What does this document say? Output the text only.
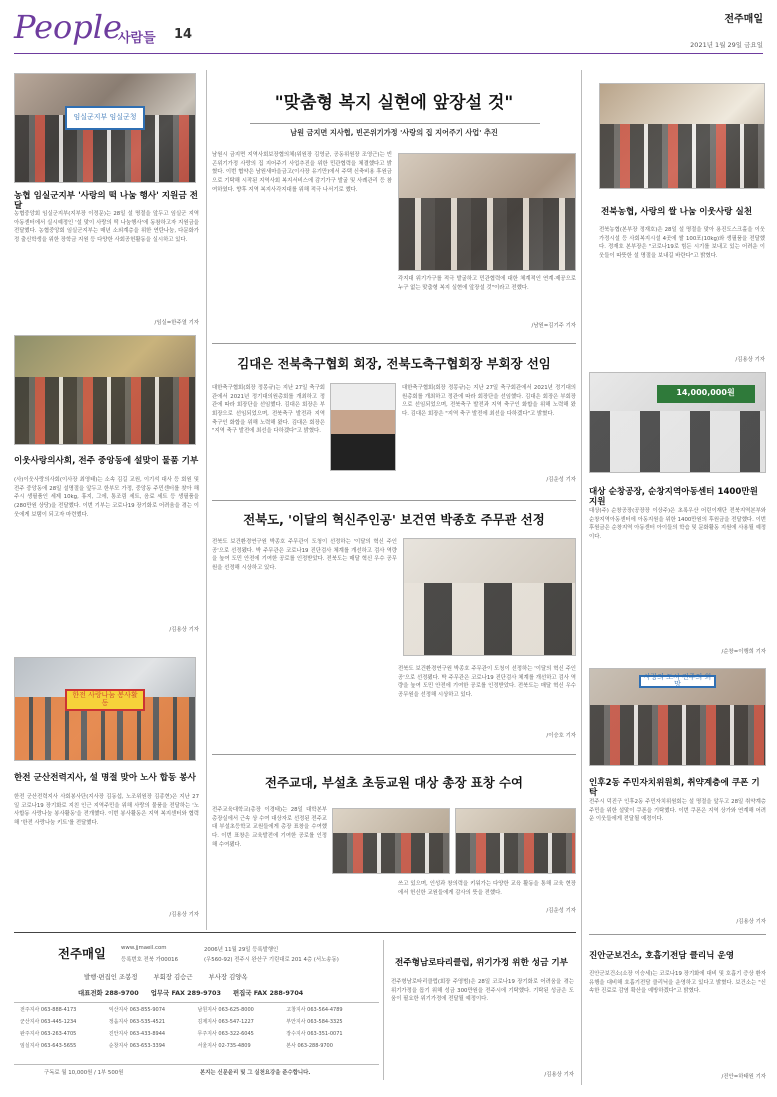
People
사람들 14
전주매일
2021년 1월 29일 금요일
임실군지부 임실군청
농협 임실군지부 '사랑의 떡 나눔 행사' 지원금 전달
농협중앙회 임실군지부(지부장 이정문)는 28일 설 명절을 앞두고 임실군 지역아동센터에서 실시예정인 '설 맞이 사랑의 떡 나눔행사'에 동참하고자 지원금을 전달했다. 농협중앙회 임실군지부는 매년 소외계층을 위한 연탄나눔, 다문화가정 출신학생을 위한 장학금 지원 등 다양한 사회공헌활동을 실시하고 있다.
/임실=한주열 기자
이웃사랑의사회, 전주 중앙동에 설맞이 물품 기부
(사)이웃사랑의사회(이사장 최영태)는 소속 김길 교원, 이기석 대사 등 회원 및 전주 중앙동에 28일 설명절을 앞두고 한부모 가정, 중앙동 주민센터를 찾아 해주시 생필품인 세제 10kg, 휴지, 그에, 통조림 세트, 음료 세트 등 생필품을 (280만원 상당)을 전달했다. 이번 기부는 코로나19 장기화로 어려움을 겪는 이웃에게 보탬이 되고자 마련했다.
/김용상 기자
한전 사랑나눔 봉사활동
한전 군산전력지사, 설 명절 맞아 노사 합동 봉사
한전 군산전력지사 사회봉사단(지사장 김동섭, 노조위원장 김종현)은 지난 27일 코로나19 장기화로 지친 인근 지역주민을 위해 사랑의 물품을 전달하는 '노사합동 사랑나눔 봉사활동'을 전개했다. 이번 봉사활동은 지역 복지센터와 협력해 '한전 사랑나눔 키트'를 전달했다.
/김용상 기자
"맞춤형 복지 실현에 앞장설 것"
남원 금지면 지사협, 빈곤위기가정 '사랑의 집 지어주기 사업' 추진
남원시 금지면 지역사회보장협의체(위원장 김영균, 공동위원장 조영근)는 빈곤위기가정 사랑의 집 지어주기 사업추진을 위한 민관협력을 체결했다고 밝혔다. 이번 협약은 남원새마을금고(이사장 유기만)에서 주택 신축비용 후원금으로 기탁해 시작된 지역사회 복지서비스에 감기가구 발굴 및 사례관리 등 참여하였다. 향후 지역 복지사각지대를 위해 적극 나서기로 했다.
각지대 위기가구를 적극 발굴하고 민관협력에 대한 체계적인 연계·제공으로 누구 없는 맞춤형 복지 실현에 앞장설 것"이라고 전했다.
/남원=김기주 기자
김대은 전북축구협회 회장, 전북도축구협회장 부회장 선임
대한축구협회(회장 정몽규)는 지난 27일 축구회관에서 2021년 정기대의원총회를 개최하고 정관에 따라 회장단을 선임했다. 김대은 회장은 부회장으로 선임되었으며, 전북축구 발전과 지역 축구인 화합을 위해 노력해 왔다. 김대은 회장은 "지역 축구 발전에 최선을 다하겠다"고 밝혔다.
대한축구협회(회장 정몽규)는 지난 27일 축구회관에서 2021년 정기대의원총회를 개최하고 정관에 따라 회장단을 선임했다. 김대은 회장은 부회장으로 선임되었으며, 전북축구 발전과 지역 축구인 화합을 위해 노력해 왔다. 김대은 회장은 "지역 축구 발전에 최선을 다하겠다"고 밝혔다.
/김운성 기자
전북도, '이달의 혁신주인공' 보건연 박종호 주무관 선정
전북도 보건환경연구원 박종호 주무관이 도청이 선정하는 '이달의 혁신 주인공'으로 선정됐다. 박 주무관은 코로나19 진단검사 체계를 개선하고 검사 역량을 높여 도민 안전에 기여한 공로를 인정받았다. 전북도는 매달 혁신 우수 공무원을 선정해 시상하고 있다.
전북도 보건환경연구원 박종호 주무관이 도청이 선정하는 '이달의 혁신 주인공'으로 선정됐다. 박 주무관은 코로나19 진단검사 체계를 개선하고 검사 역량을 높여 도민 안전에 기여한 공로를 인정받았다. 전북도는 매달 혁신 우수 공무원을 선정해 시상하고 있다.
/이승호 기자
전주교대, 부설초 초등교원 대상 총장 표창 수여
전주교육대학교(총장 이경태)는 28일 대학본부 총장실에서 근속 상 수여 대상자로 선정된 전주교대 부설초등학교 교원들에게 총장 표창을 수여했다. 이번 표창은 교육발전에 기여한 공로를 인정해 수여됐다.
쓰고 있으며, 인성과 창의력을 키워가는 다양한 교육 활동을 통해 교육 현장에서 헌신한 교원들에게 감사의 뜻을 전했다.
/김운성 기자
전북농협, 사랑의 쌀 나눔 이웃사랑 실천
전북농협(본부장 정재호)은 28일 설 명절을 맞아 용진도스크홀을 이웃가정시설 등 사회복지시설 4곳에 쌀 100포(10kg)와 생필품을 전달했다. 정재호 본부장은 "코로나19로 힘든 시기를 보내고 있는 어려운 이웃들이 따뜻한 설 명절을 보내길 바란다"고 밝혔다.
/김용상 기자
14,000,000원
대상 순창공장, 순창지역아동센터 1400만원 지원
대상(주) 순창공장(공장장 이상주)은 초록우산 어린이재단 전북지역본부와 순창지역아동센터에 아동지원을 위한 1400만원의 후원금을 전달했다. 이번 후원금은 순창지역 아동센터 아이들의 학습 및 문화활동 지원에 사용될 예정이다.
/순창=이행희 기자
사랑의 도시 전주의 희망
인후2동 주민자치위원회, 취약계층에 쿠폰 기탁
전주시 덕진구 인후2동 주민자치위원회는 설 명절을 앞두고 28일 취약계층 주민을 위한 설맞이 쿠폰을 기탁했다. 이번 쿠폰은 지역 상가와 연계해 어려운 이웃들에게 전달될 예정이다.
/김용상 기자
진안군보건소, 호흡기전담 클리닉 운영
진안군보건소(소장 이승세)는 코로나19 장기화에 대비 및 호흡기 증상 환자 유행을 대비해 호흡기전담 클리닉을 운영하고 있다고 밝혔다. 보건소는 "신속한 진료로 감염 확산을 예방하겠다"고 밝혔다.
/진안=하태원 기자
전주매일	www.jjmaeil.com
등록번호 전북 가00016
2006년 11월 29일 등록발행인
(우560-92) 전주시 완산구 기린대로 201 4층 (서노송동)
발행·편집인 조봉정	부회장 김승근	부사장 김양옥
대표전화 288-9700 업무국 FAX 289-9703 편집국 FAX 288-9704
전주지사 063-888-4173	익산지사 063-855-9074	남원지사 063-625-8000	고창지사 063-564-4789
군산지사 063-445-1234	정읍지사 063-535-4521	김제지사 063-547-1227	부안지사 063-584-3325
완주지사 063-263-4705	진안지사 063-433-8944	무주지사 063-322-6045	장수지사 063-351-0071
임실지사 063-643-5655	순창지사 063-653-3394	서울지사 02-735-4809	본사 063-288-9700
구독료 월 10,000원 / 1부 500원	본지는 신문윤리 및 그 실천요강을 준수합니다.
전주형남로타리클럽, 위기가정 위한 성금 기부
전주형남로타리클럽(회장 주영범)은 28일 코로나19 장기화로 어려움을 겪는 위기가정을 돕기 위해 성금 300만원을 전주시에 기탁했다. 기탁된 성금은 도움이 필요한 위기가정에 전달될 예정이다.
/김용상 기자
